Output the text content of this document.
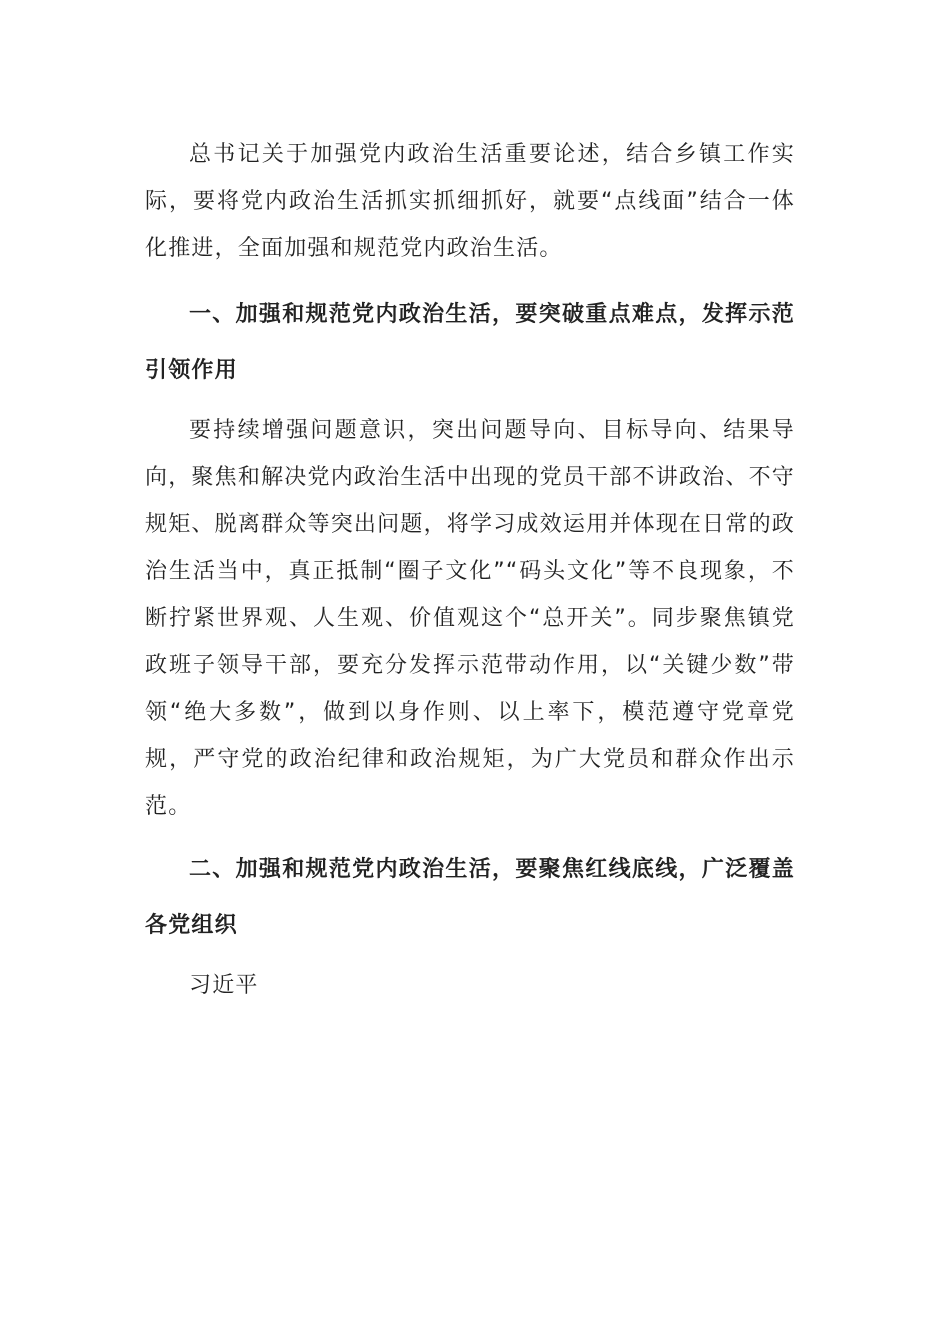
总书记关于加强党内政治生活重要论述，结合乡镇工作实际，要将党内政治生活抓实抓细抓好，就要“点线面”结合一体化推进，全面加强和规范党内政治生活。

一、加强和规范党内政治生活，要突破重点难点，发挥示范引领作用

要持续增强问题意识，突出问题导向、目标导向、结果导向，聚焦和解决党内政治生活中出现的党员干部不讲政治、不守规矩、脱离群众等突出问题，将学习成效运用并体现在日常的政治生活当中，真正抵制“圈子文化”“码头文化”等不良现象，不断拧紧世界观、人生观、价值观这个“总开关”。同步聚焦镇党政班子领导干部，要充分发挥示范带动作用，以“关键少数”带领“绝大多数”，做到以身作则、以上率下，模范遵守党章党规，严守党的政治纪律和政治规矩，为广大党员和群众作出示范。

二、加强和规范党内政治生活，要聚焦红线底线，广泛覆盖各党组织

习近平
